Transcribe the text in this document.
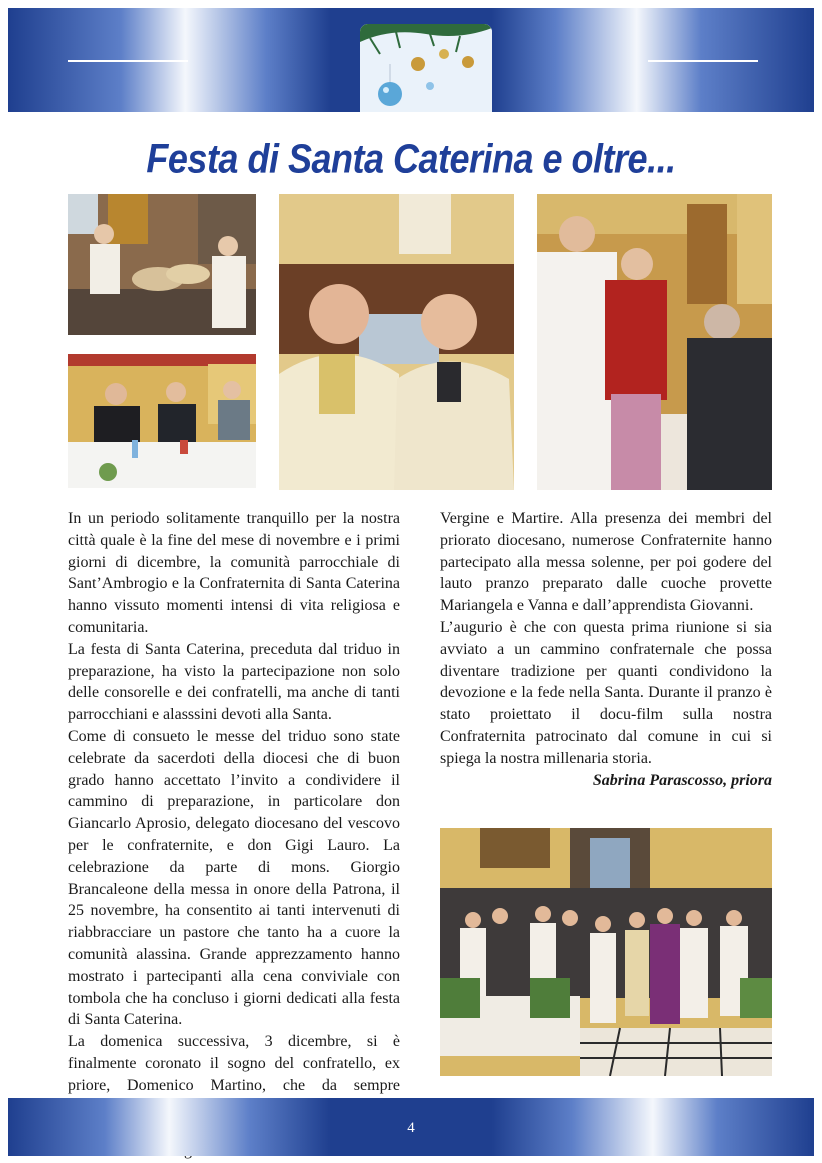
Festa di Santa Caterina e oltre...

In un periodo solitamente tranquillo per la nostra città quale è la fine del mese di novembre e i primi giorni di dicembre, la comunità parrocchiale di Sant’Ambrogio e la Confraternita di Santa Caterina hanno vissuto momenti intensi di vita religiosa e comunitaria.

La festa di Santa Caterina, preceduta dal triduo in preparazione, ha visto la partecipazione non solo delle consorelle e dei confratelli, ma anche di tanti parrocchiani e alasssini devoti alla Santa.

Come di consueto le messe del triduo sono state celebrate da sacerdoti della diocesi che di buon grado hanno accettato l’invito a condividere il cammino di preparazione, in particolare don Giancarlo Aprosio, delegato diocesano del vescovo per le confraternite, e don Gigi Lauro. La celebrazione da parte di mons. Giorgio Brancaleone della messa in onore della Patrona, il 25 novembre, ha consentito ai tanti intervenuti di riabbracciare un pastore che tanto ha a cuore la comunità alassina. Grande apprezzamento hanno mostrato i partecipanti alla cena conviviale con tombola che ha concluso i giorni dedicati alla festa di Santa Caterina.

La domenica successiva, 3 dicembre, si è finalmente coronato il sogno del confratello, ex priore, Domenico Martino, che da sempre

Vergine e Martire. Alla presenza dei membri del priorato diocesano, numerose Confraternite hanno partecipato alla messa solenne, per poi godere del lauto pranzo preparato dalle cuoche provette Mariangela e Vanna e dall’apprendista Giovanni.

L’augurio è che con questa prima riunione si sia avviato a un cammino confraternale che possa diventare tradizione per quanti condividono la devozione e la fede nella Santa. Durante il pranzo è stato proiettato il docu-film sulla nostra Confraternita patrocinato dal comune in cui si spiega la nostra millenaria storia.

Sabrina Parascosso, priora

4
